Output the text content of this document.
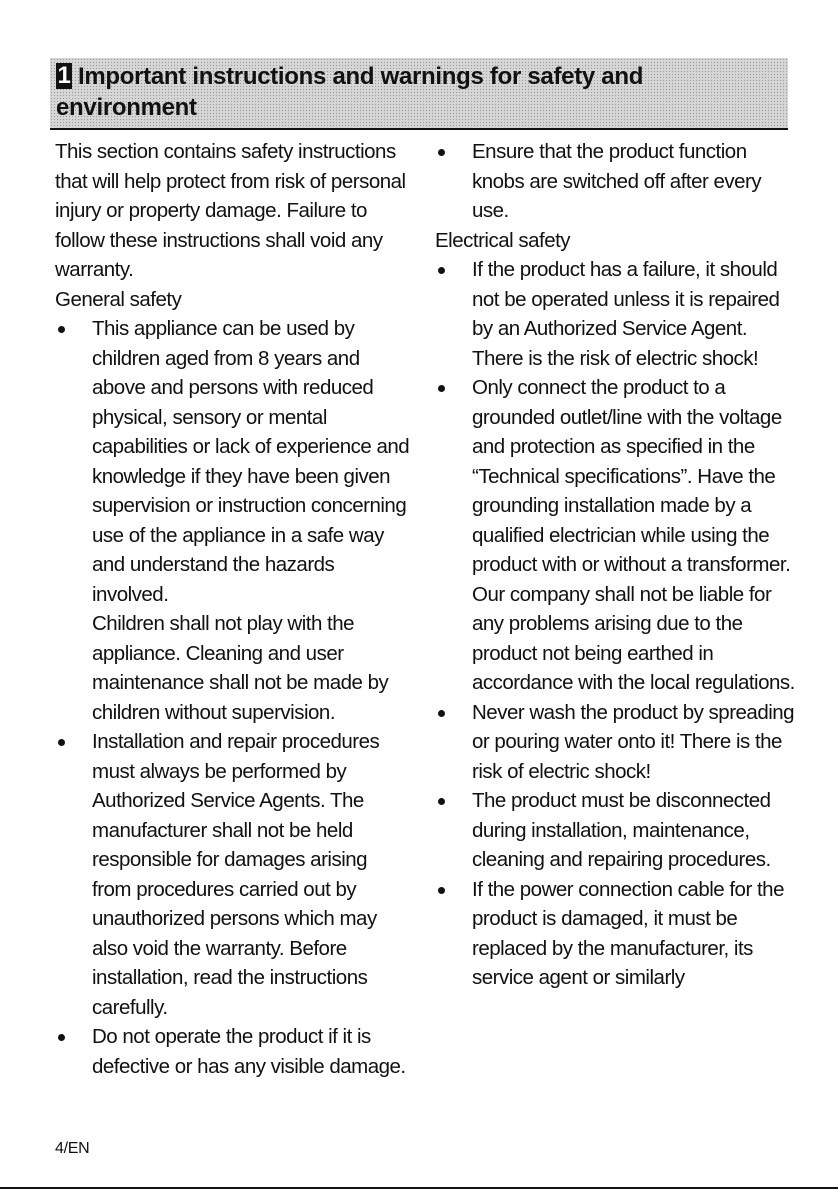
1 Important instructions and warnings for safety and environment

This section contains safety instructions that will help protect from risk of personal injury or property damage. Failure to follow these instructions shall void any warranty.

General safety
This appliance can be used by children aged from 8 years and above and persons with reduced physical, sensory or mental capabilities or lack of experience and knowledge if they have been given supervision or instruction concerning use of the appliance in a safe way and understand the hazards involved.
Children shall not play with the appliance. Cleaning and user maintenance shall not be made by children without supervision.
Installation and repair procedures must always be performed by Authorized Service Agents. The manufacturer shall not be held responsible for damages arising from procedures carried out by unauthorized persons which may also void the warranty. Before installation, read the instructions carefully.
Do not operate the product if it is defective or has any visible damage.
Ensure that the product function knobs are switched off after every use.
Electrical safety
If the product has a failure, it should not be operated unless it is repaired by an Authorized Service Agent. There is the risk of electric shock!
Only connect the product to a grounded outlet/line with the voltage and protection as specified in the “Technical specifications”. Have the grounding installation made by a qualified electrician while using the product with or without a transformer. Our company shall not be liable for any problems arising due to the product not being earthed in accordance with the local regulations.
Never wash the product by spreading or pouring water onto it! There is the risk of electric shock!
The product must be disconnected during installation, maintenance, cleaning and repairing procedures.
If the power connection cable for the product is damaged, it must be replaced by the manufacturer, its service agent or similarly
4/EN
